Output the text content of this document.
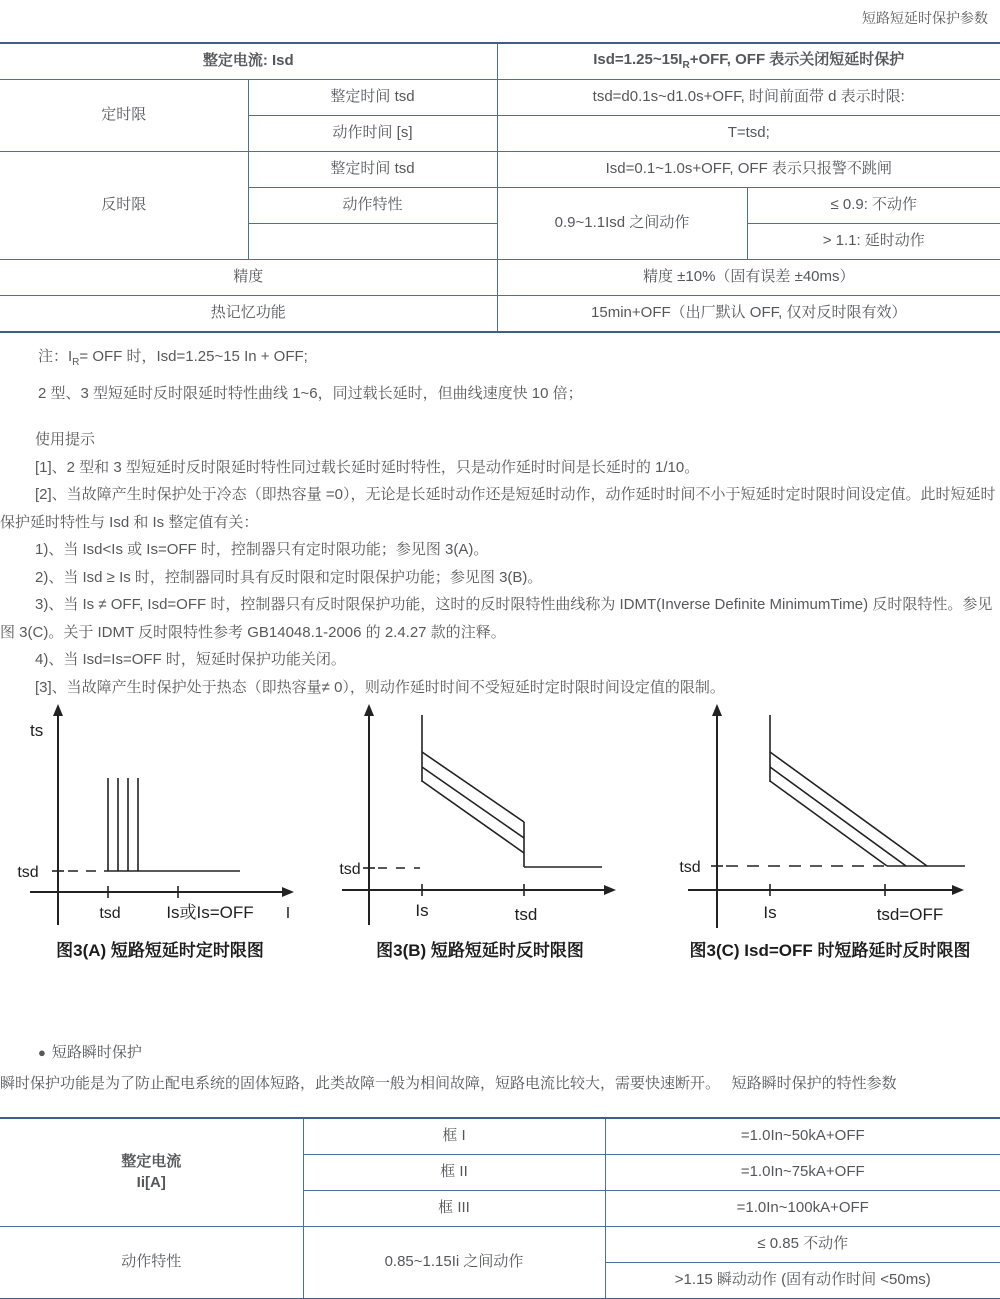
短路短延时保护参数
整定电流: Isd		$Isd=1.25\sim 15I_R+OFF$, OFF 表示关闭短延时保护	
定时限	整定时间 tsd	tsd=d0.1s~d1.0s+OFF, 时间前面带 d 表示时限:	
	动作时间 [s]	T=tsd;	
反时限	整定时间 tsd	Isd=0.1~1.0s+OFF, OFF 表示只报警不跳闸	
	动作特性	0.9~1.1Isd 之间动作	≤ 0.9: 不动作
			> 1.1: 延时动作
精度		精度 ±10%（固有误差 ±40ms）	
热记忆功能		15min+OFF（出厂默认 OFF, 仅对反时限有效）	
注：$I_R=$ OFF 时，Isd=1.25~15 In + OFF;
2 型、3 型短延时反时限延时特性曲线 1~6，同过载长延时，但曲线速度快 10 倍；

使用提示

[1]、2 型和 3 型短延时反时限延时特性同过载长延时延时特性，只是动作延时时间是长延时的 1/10。

[2]、当故障产生时保护处于冷态（即热容量 =0），无论是长延时动作还是短延时动作，动作延时时间不小于短延时定时限时间设定值。此时短延时保护延时特性与 Isd 和 Is 整定值有关：

1)、当 Isd<Is 或 Is=OFF 时，控制器只有定时限功能；参见图 3(A)。

2)、当 Isd ≥ Is 时，控制器同时具有反时限和定时限保护功能；参见图 3(B)。

3)、当 Is ≠ OFF, Isd=OFF 时，控制器只有反时限保护功能，这时的反时限特性曲线称为 IDMT(Inverse Definite MinimumTime) 反时限特性。参见图 3(C)。关于 IDMT 反时限特性参考 GB14048.1-2006 的 2.4.27 款的注释。

4)、当 Isd=Is=OFF 时，短延时保护功能关闭。

[3]、当故障产生时保护处于热态（即热容量≠ 0），则动作延时时间不受短延时定时限时间设定值的限制。

ts
tsd
tsd	Is或Is=OFF I
tsd
Is	tsd
tsd
Is	tsd=OFF
图3(A) 短路短延时定时限图	图3(B) 短路短延时反时限图	图3(C) Isd=OFF 时短路延时反时限图
● 短路瞬时保护
瞬时保护功能是为了防止配电系统的固体短路，此类故障一般为相间故障，短路电流比较大，需要快速断开。　 短路瞬时保护的特性参数
整定电流
Ii[A]	框 I	=1.0In~50kA+OFF
	框 II	=1.0In~75kA+OFF
	框 III	=1.0In~100kA+OFF
动作特性	0.85~1.15Ii 之间动作	≤ 0.85 不动作
		>1.15 瞬动动作 (固有动作时间 <50ms)
